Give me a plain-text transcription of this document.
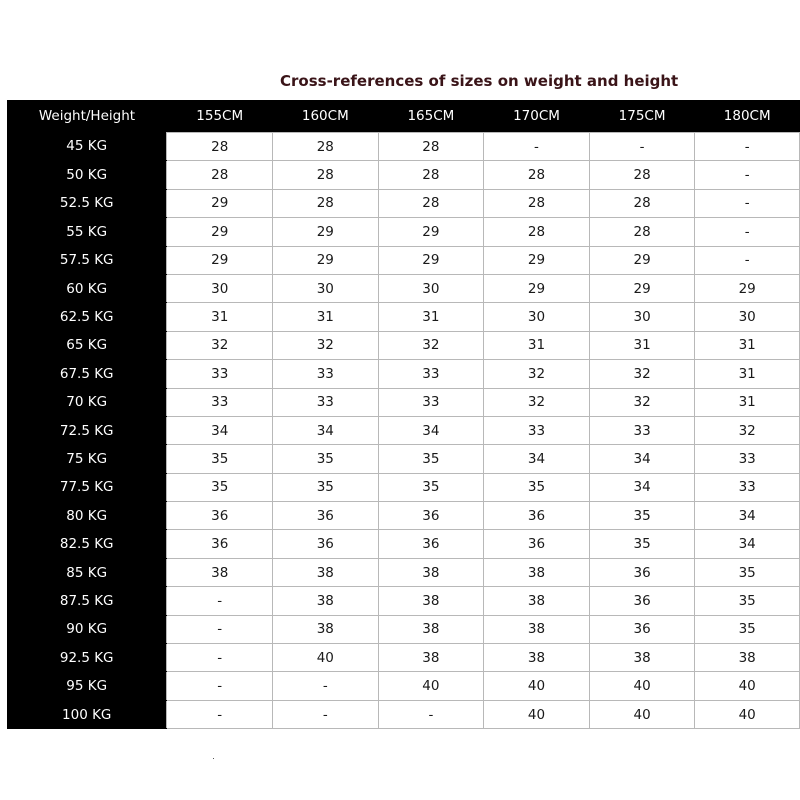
Cross-references of sizes on weight and height
Weight/Height	155CM	160CM	165CM	170CM	175CM	180CM
45 KG	28	28	28	-	-	-
50 KG	28	28	28	28	28	-
52.5 KG	29	28	28	28	28	-
55 KG	29	29	29	28	28	-
57.5 KG	29	29	29	29	29	-
60 KG	30	30	30	29	29	29
62.5 KG	31	31	31	30	30	30
65 KG	32	32	32	31	31	31
67.5 KG	33	33	33	32	32	31
70 KG	33	33	33	32	32	31
72.5 KG	34	34	34	33	33	32
75 KG	35	35	35	34	34	33
77.5 KG	35	35	35	35	34	33
80 KG	36	36	36	36	35	34
82.5 KG	36	36	36	36	35	34
85 KG	38	38	38	38	36	35
87.5 KG	-	38	38	38	36	35
90 KG	-	38	38	38	36	35
92.5 KG	-	40	38	38	38	38
95 KG	-	-	40	40	40	40
100 KG	-	-	-	40	40	40
